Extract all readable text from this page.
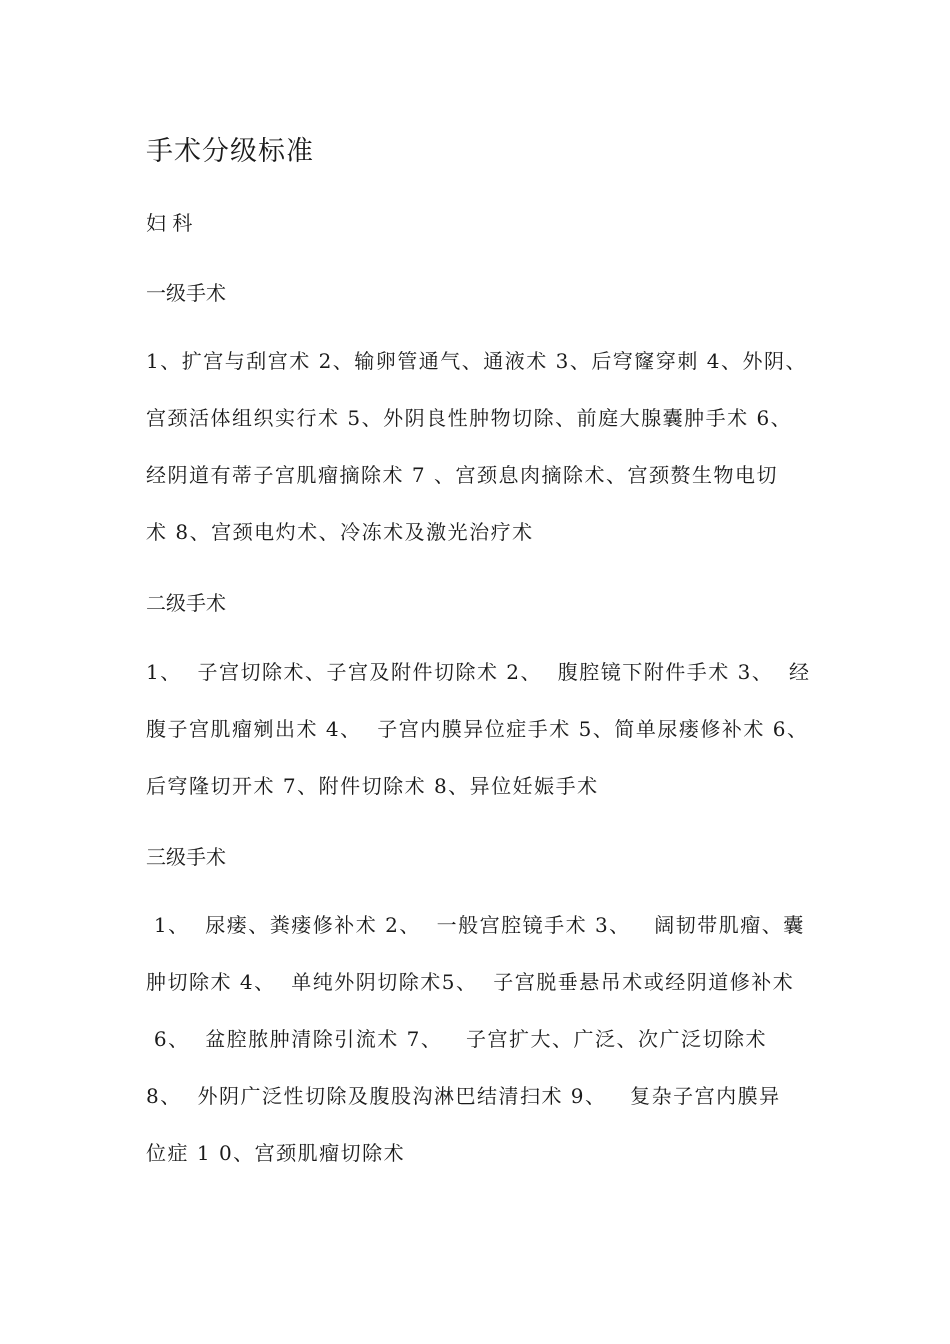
手术分级标准
妇 科
一级手术
1、扩宫与刮宫术 2、输卵管通气、通液术 3、后穹窿穿刺 4、外阴、
宫颈活体组织实行术 5、外阴良性肿物切除、前庭大腺囊肿手术 6、
经阴道有蒂子宫肌瘤摘除术 7 、宫颈息肉摘除术、宫颈赘生物电切
术 8、宫颈电灼术、冷冻术及激光治疗术
二级手术
1、  子宫切除术、子宫及附件切除术 2、  腹腔镜下附件手术 3、  经
腹子宫肌瘤剜出术 4、  子宫内膜异位症手术 5、简单尿瘘修补术 6、
后穹隆切开术 7、附件切除术 8、异位妊娠手术
三级手术
1、  尿瘘、粪瘘修补术 2、  一般宫腔镜手术 3、   阔韧带肌瘤、囊
肿切除术 4、  单纯外阴切除术5、  子宫脱垂悬吊术或经阴道修补术
6、  盆腔脓肿清除引流术 7、   子宫扩大、广泛、次广泛切除术
8、  外阴广泛性切除及腹股沟淋巴结清扫术 9、   复杂子宫内膜异
位症 1 0、宫颈肌瘤切除术
